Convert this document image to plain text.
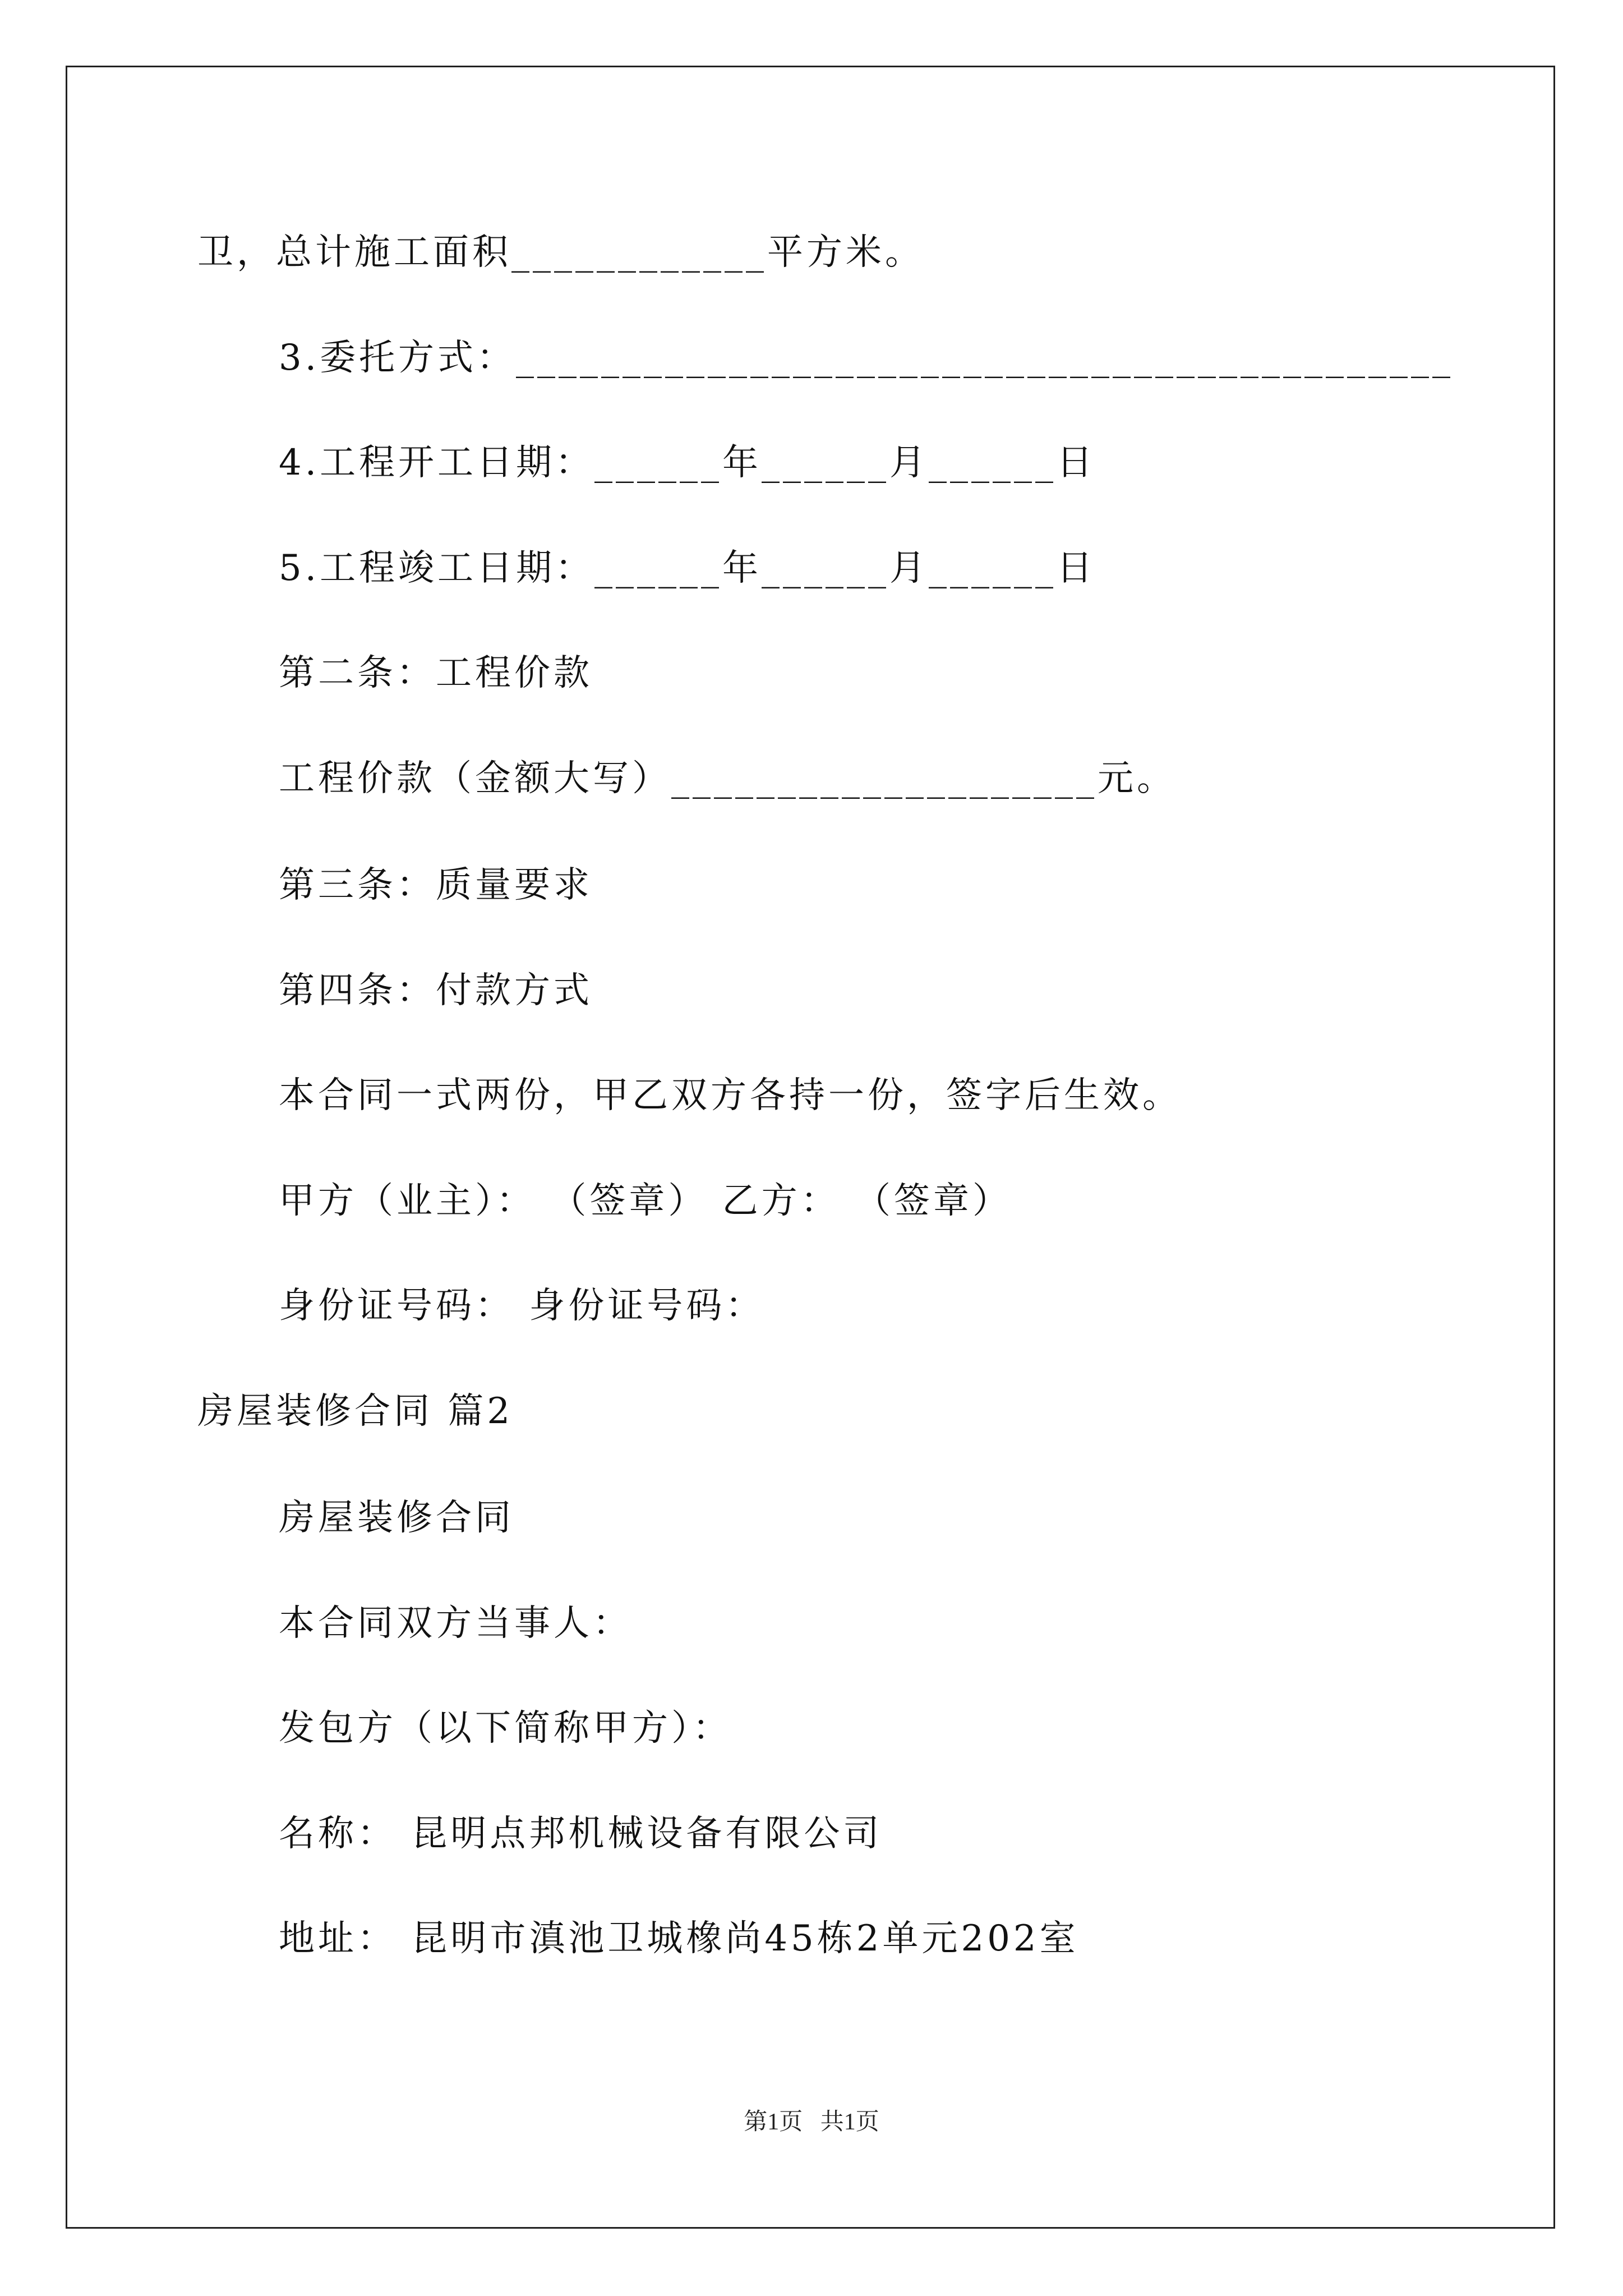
卫，总计施工面积____________平方米。
3.委托方式：____________________________________________
4.工程开工日期：______年______月______日
5.工程竣工日期：______年______月______日
第二条：工程价款
工程价款（金额大写）____________________元。
第三条：质量要求
第四条：付款方式
本合同一式两份，甲乙双方各持一份，签字后生效。
甲方（业主）： （签章） 乙方： （签章）
身份证号码： 身份证号码：
房屋装修合同 篇2
房屋装修合同
本合同双方当事人：
发包方（以下简称甲方）：
名称： 昆明点邦机械设备有限公司
地址： 昆明市滇池卫城橡尚45栋2单元202室
第1页   共1页
